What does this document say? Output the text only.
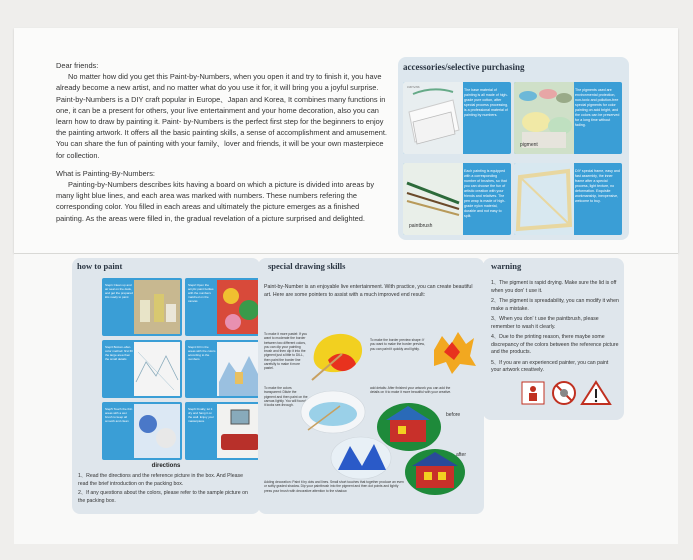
Dear friends:

No matter how did you get this Paint-by-Numbers, when you open it and try to finish it, you have already become a new artist, and no matter what do you use it for, it will bring you a joyful surprise. Paint-by-Numbers is a DIY craft popular in Europe、Japan and Korea, It combines many functions in one, it can be a present for others, your live entertainment and your home decoration, also you can learn how to draw by painting it. Paint- by-Numbers is the perfect first step for the beginners to enjoy the painting artwork. It offers all the basic painting skills, a sense of accomplishment and amusement. You can share the fun of painting with your family、lover and friends, it will be your own masterpiece for collection.

What is Painting-By-Numbers:

Painting-by-Numbers describes kits having a board on which a picture is divided into areas by many light blue lines, and each area was marked with numbers. These numbers refering the corresponding color. You filled in each areas and ultimately the picture emerges as a finished painting. As the areas were filled in, the gradual revelation of a picture surprised and delighted.

accessories/selective purchasing
canvas
The base material of painting is all made of high-grade pure cotton, after special process processing, is a professional material of painting by numbers.
pigment
The pigments used are environmental protection, non-toxic and pollution-free special pigments for color painting on acid bright, and the colors can be preserved for a long time without fading.
paintbrush
Each painting is equipped with a corresponding number of brushes, so that you can choose the fun of artistic creation with your friends and relatives. The pen wrap is made of high-grade nylon material, durable and not easy to split.
DIY special frame, easy and fast assembly, the inner frame after a special process, light texture, no deformation. Exquisite workmanship, inexpensive, welcome to buy.
how to paint
Step1 Clean up and air seal on the desk, and get the prepared kits ready to paint
Step2 Open the acrylic paint bottles with the numbers matched on the canvas
Step3 Bottom-after-color method: first fill the large area then the small details
Step4 Fill in the areas with the colors according to the numbers
Step5 Touch the thin areas with a wet brush to keep all smooth and clean
Step6 Finally, let it dry and hang it on the wall. Enjoy your masterpiece
directions

1、Read the directions and the reference picture in the box. And Please read the brief introduction on the packing box.

2、If any questions about the colors, please refer to the sample picture on the packing box.

special drawing skills
Paint-by-Number is an enjoyable live entertainment. With practice, you can create beautiful art. Here are some pointers to assist with a much improved end result:
To make it more pastel: If you want to moderate the border between two different colors, you can dip your painting brush and then dip it into the pigment just a little to DILL, then paint the border line carefully to make it more pastel.
To make the border preview shape: If you want to make the border preview, you can paint it quickly and lightly.
To make the colors transparent: Dilute the pigment and then paint on the canvas lightly. You will found it looks see-through.
add details: After finished your artwork you can add the details on it to make it more beautiful with your creative.
before
after
Adding decoration: Paint it by dots and lines. Small short touches that together produce an even or softly graded shadow. Dip your paintbrush into the pigment and then dot points and lightly press your brush with decorative attention to the shadow.
warning

1、The pigment is rapid drying. Make sure the lid is off when you don' t use it.

2、The pigment is spreadability, you can modify it when make a mistake.

3、When you don' t use the paintbrush, please remember to wash it clearly.

4、Due to the printing reason, there maybe some discrepancy of the colors between the reference picture and the products.

5、If you are an experienced painter, you can paint your artwork creatively.
